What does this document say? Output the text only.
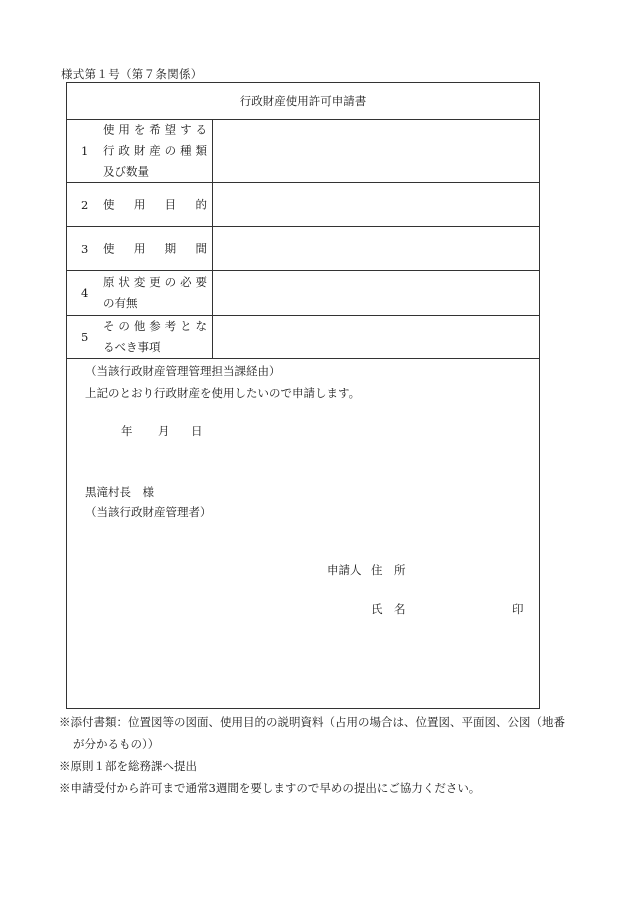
様式第１号（第７条関係）
行政財産使用許可申請書
1
使用を希望する
行政財産の種類
及び数量
2 使用目的
3 使用期間
4
原状変更の必要
の有無
5
その他参考とな
るべき事項
（当該行政財産管理管理担当課経由）
上記のとおり行政財産を使用したいので申請します。
年 月 日
黒滝村長　様
（当該行政財産管理者）
申請人 住　所
氏　名	印
※添付書類：位置図等の図面、使用目的の説明資料（占用の場合は、位置図、平面図、公図（地番
が分かるもの））
※原則１部を総務課へ提出
※申請受付から許可まで通常3週間を要しますので早めの提出にご協力ください。
